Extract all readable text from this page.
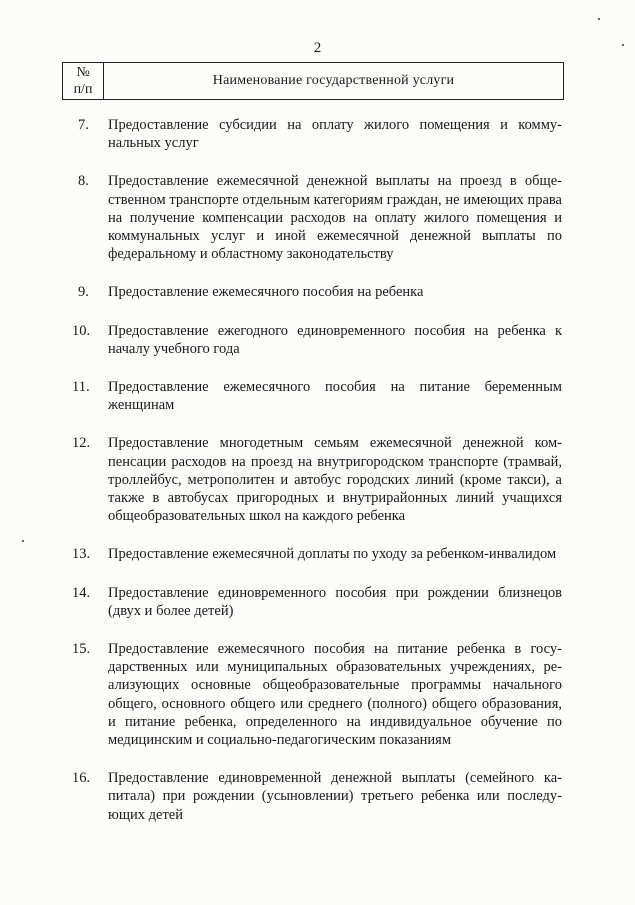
2
№
п/п
	Наименование государственной услуги
7.	Предоставление субсидии на оплату жилого помещения и коммунальных услуг
8.	Предоставление ежемесячной денежной выплаты на проезд в общественном транспорте отдельным категориям граждан, не имеющих права на получение компенсации расходов на оплату жилого помещения и коммунальных услуг и иной ежемесячной денежной выплаты по федеральному и областному законодательству
9.	Предоставление ежемесячного пособия на ребенка
10.	Предоставление ежегодного единовременного пособия на ребенка к началу учебного года
11.	Предоставление ежемесячного пособия на питание беременным женщинам
12.	Предоставление многодетным семьям ежемесячной денежной компенсации расходов на проезд на внутригородском транспорте (трамвай, троллейбус, метрополитен и автобус городских линий (кроме такси), а также в автобусах пригородных и внутрирайонных линий учащихся общеобразовательных школ на каждого ребенка
13.	Предоставление ежемесячной доплаты по уходу за ребенком-инвалидом
14.	Предоставление единовременного пособия при рождении близнецов (двух и более детей)
15.	Предоставление ежемесячного пособия на питание ребенка в государственных или муниципальных образовательных учреждениях, реализующих основные общеобразовательные программы начального общего, основного общего или среднего (полного) общего образования, и питание ребенка, определенного на индивидуальное обучение по медицинским и социально-педагогическим показаниям
16.	Предоставление единовременной денежной выплаты (семейного капитала) при рождении (усыновлении) третьего ребенка или последующих детей
